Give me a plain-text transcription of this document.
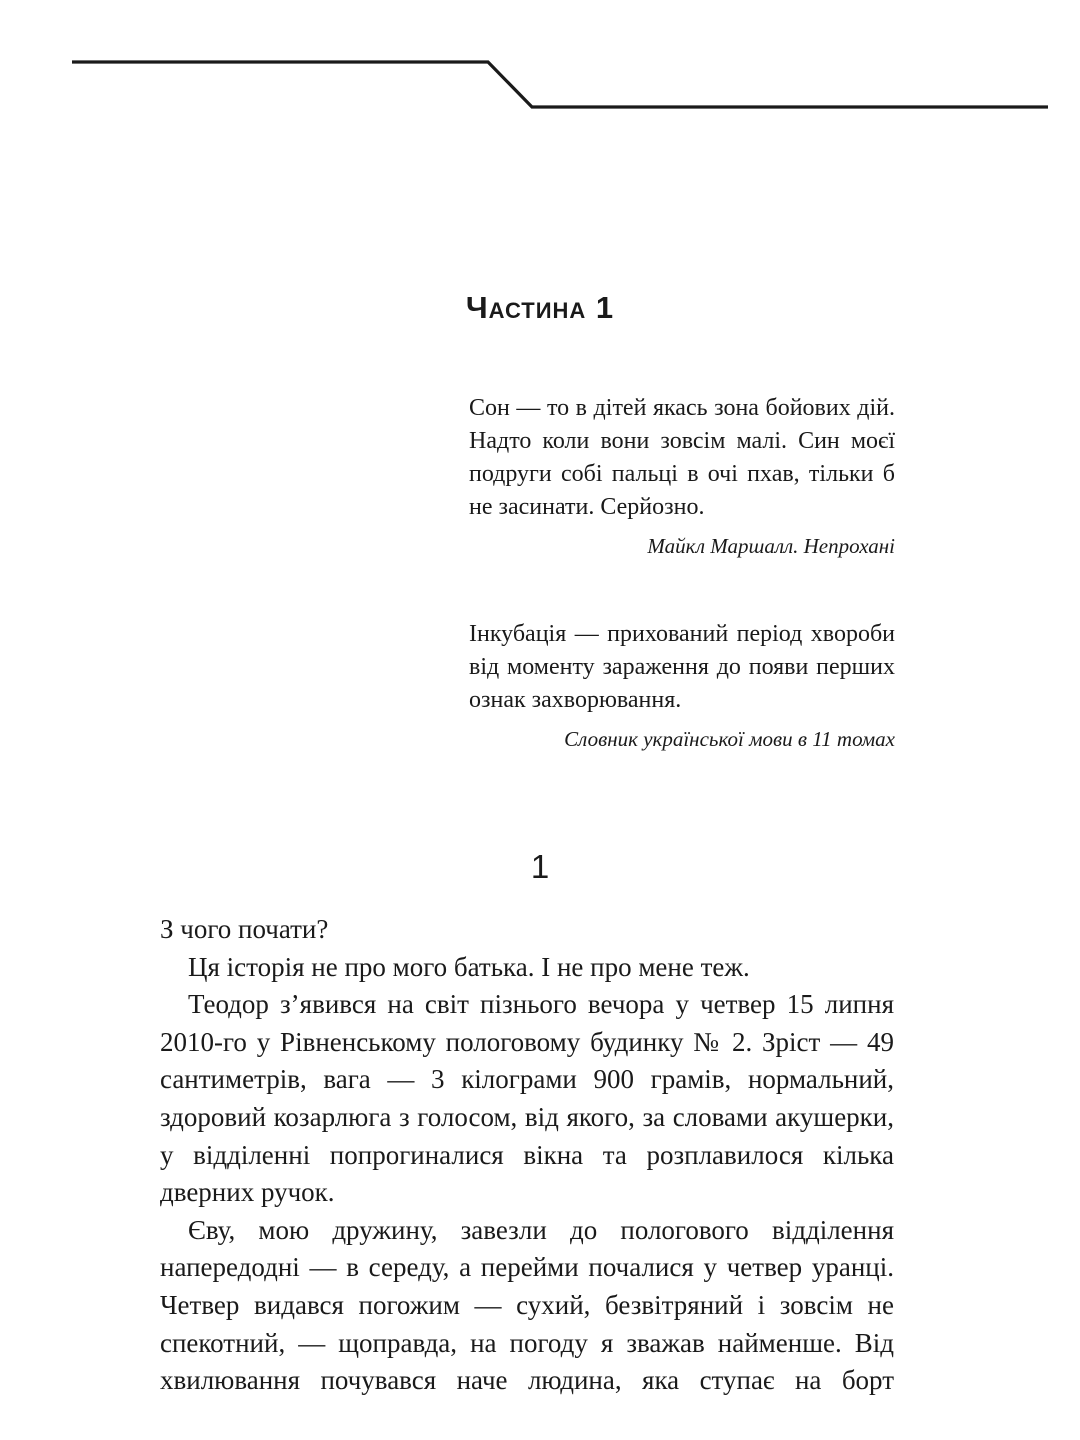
Частина 1

Сон — то в дітей якась зона бойових дій. Надто коли вони зовсім малі. Син моєї подруги собі пальці в очі пхав, тільки б не засинати. Серйозно.

Майкл Маршалл. Непрохані

Інкубація — прихований період хвороби від моменту зараження до появи перших ознак захворювання.

Словник української мови в 11 томах

1

З чого почати?

Ця історія не про мого батька. І не про мене теж.

Теодор з’явився на світ пізнього вечора у четвер 15 липня 2010-го у Рівненському пологовому будинку № 2. Зріст — 49 сантиметрів, вага — 3 кілограми 900 грамів, нормальний, здоровий козарлюга з голосом, від якого, за словами акушерки, у відділенні попрогиналися вікна та розплавилося кілька дверних ручок.

Єву, мою дружину, завезли до пологового відділення напередодні — в середу, а перейми почалися у четвер уранці. Четвер видався погожим — сухий, безвітряний і зовсім не спекотний, — щоправда, на погоду я зважав найменше. Від хвилювання почувався наче людина, яка ступає на борт
